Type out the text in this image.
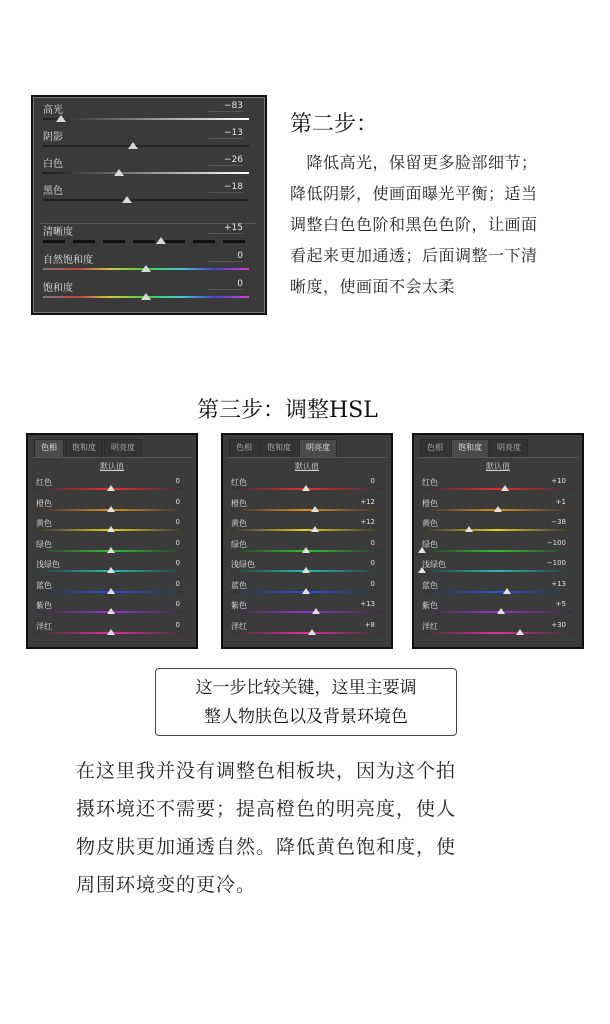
高光	−83
阴影	−13
白色	−26
黑色	−18
清晰度	+15
自然饱和度	0
饱和度	0
第二步：
　降低高光，保留更多脸部细节；
降低阴影，使画面曝光平衡；适当
调整白色色阶和黑色色阶，让画面
看起来更加通透；后面调整一下清
晰度，使画面不会太柔
第三步：调整HSL
色相	饱和度	明亮度
默认值
红色	0
橙色	0
黄色	0
绿色	0
浅绿色	0
蓝色	0
紫色	0
洋红	0
色相	饱和度	明亮度
默认值
红色	0
橙色	+12
黄色	+12
绿色	0
浅绿色	0
蓝色	0
紫色	+13
洋红	+8
色相	饱和度	明亮度
默认值
红色	+10
橙色	+1
黄色	−38
绿色	−100
浅绿色	−100
蓝色	+13
紫色	+5
洋红	+30
这一步比较关键，这里主要调
整人物肤色以及背景环境色
在这里我并没有调整色相板块，因为这个拍
摄环境还不需要；提高橙色的明亮度，使人
物皮肤更加通透自然。降低黄色饱和度，使
周围环境变的更冷。
